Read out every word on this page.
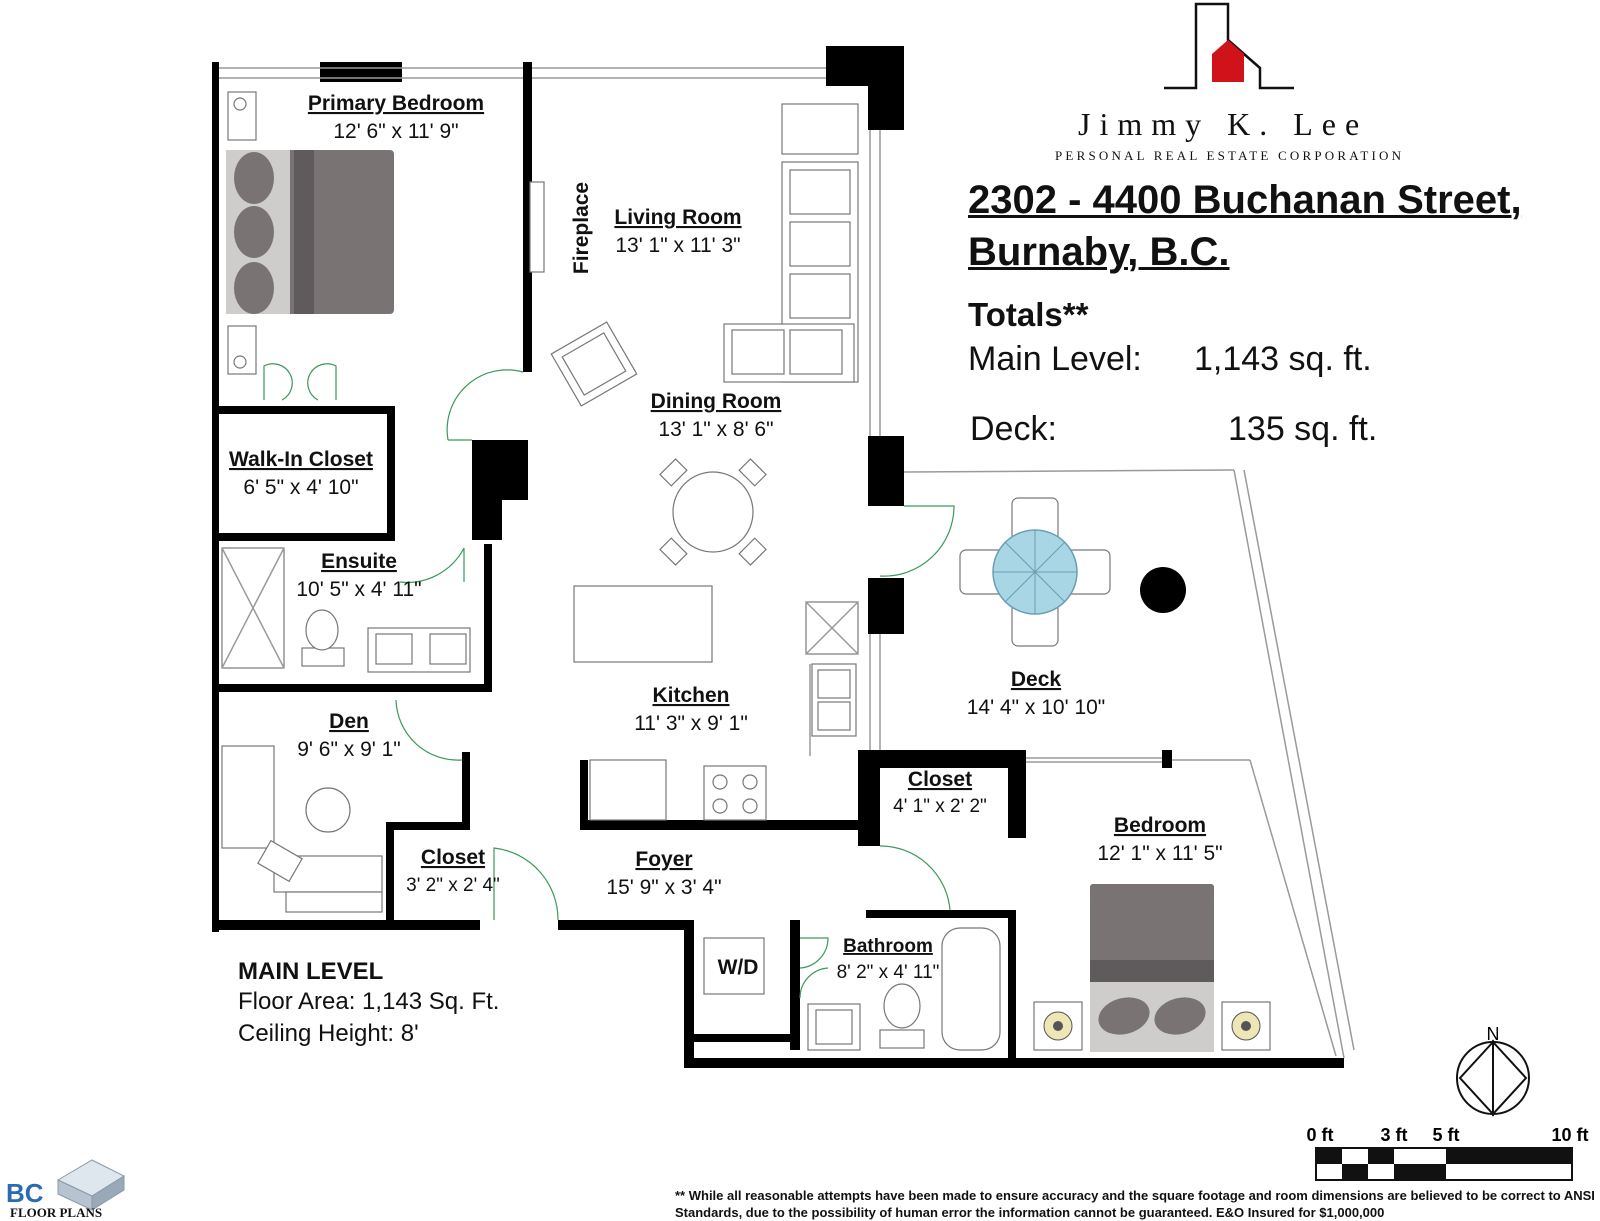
Primary Bedroom
12' 6" x 11' 9"
Living Room
13' 1" x 11' 3"
Fireplace
Dining Room
13' 1" x 8' 6"
Walk-In Closet
6' 5" x 4' 10"
Ensuite
10' 5" x 4' 11"
Deck
14' 4" x 10' 10"
Kitchen
11' 3" x 9' 1"
Den
9' 6" x 9' 1"
Closet
3' 2" x 2' 4"
Closet
4' 1" x 2' 2"
Foyer
15' 9" x 3' 4"
Bedroom
12' 1" x 11' 5"
Bathroom
8' 2" x 4' 11"
W/D
N
0 ft	3 ft 5 ft	10 ft
Jimmy K. Lee
PERSONAL REAL ESTATE CORPORATION
2302 - 4400 Buchanan Street,
Burnaby, B.C.
Totals**
Main Level: 1,143 sq. ft.
Deck:	135 sq. ft.
MAIN LEVEL
Floor Area: 1,143 Sq. Ft.
Ceiling Height: 8'
** While all reasonable attempts have been made to ensure accuracy and the square footage and room dimensions are believed to be correct to ANSI Standards, due to the possibility of human error the information cannot be guaranteed. E&O Insured for $1,000,000
BC
FLOOR PLANS
